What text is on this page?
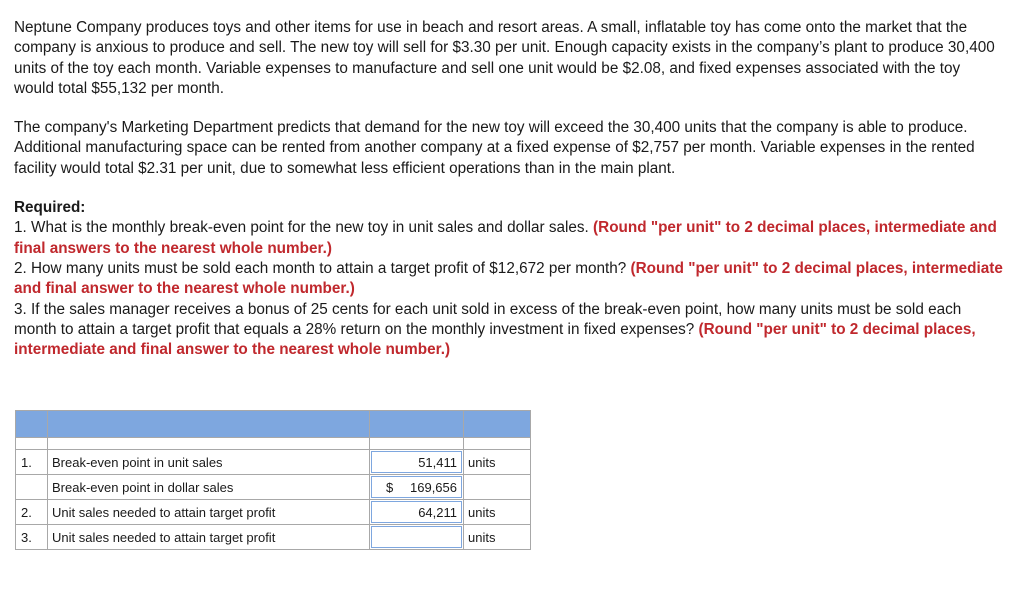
Neptune Company produces toys and other items for use in beach and resort areas. A small, inflatable toy has come onto the market that the company is anxious to produce and sell. The new toy will sell for $3.30 per unit. Enough capacity exists in the company’s plant to produce 30,400 units of the toy each month. Variable expenses to manufacture and sell one unit would be $2.08, and fixed expenses associated with the toy would total $55,132 per month.

The company's Marketing Department predicts that demand for the new toy will exceed the 30,400 units that the company is able to produce. Additional manufacturing space can be rented from another company at a fixed expense of $2,757 per month. Variable expenses in the rented facility would total $2.31 per unit, due to somewhat less efficient operations than in the main plant.

Required:
1. What is the monthly break-even point for the new toy in unit sales and dollar sales. (Round "per unit" to 2 decimal places, intermediate and final answers to the nearest whole number.)
2. How many units must be sold each month to attain a target profit of $12,672 per month? (Round "per unit" to 2 decimal places, intermediate and final answer to the nearest whole number.)
3. If the sales manager receives a bonus of 25 cents for each unit sold in excess of the break-even point, how many units must be sold each month to attain a target profit that equals a 28% return on the monthly investment in fixed expenses? (Round "per unit" to 2 decimal places, intermediate and final answer to the nearest whole number.)

1.	Break-even point in unit sales	51,411	units
	Break-even point in dollar sales	$ 169,656	

2.	Unit sales needed to attain target profit	64,211	units
3.	Unit sales needed to attain target profit		units
